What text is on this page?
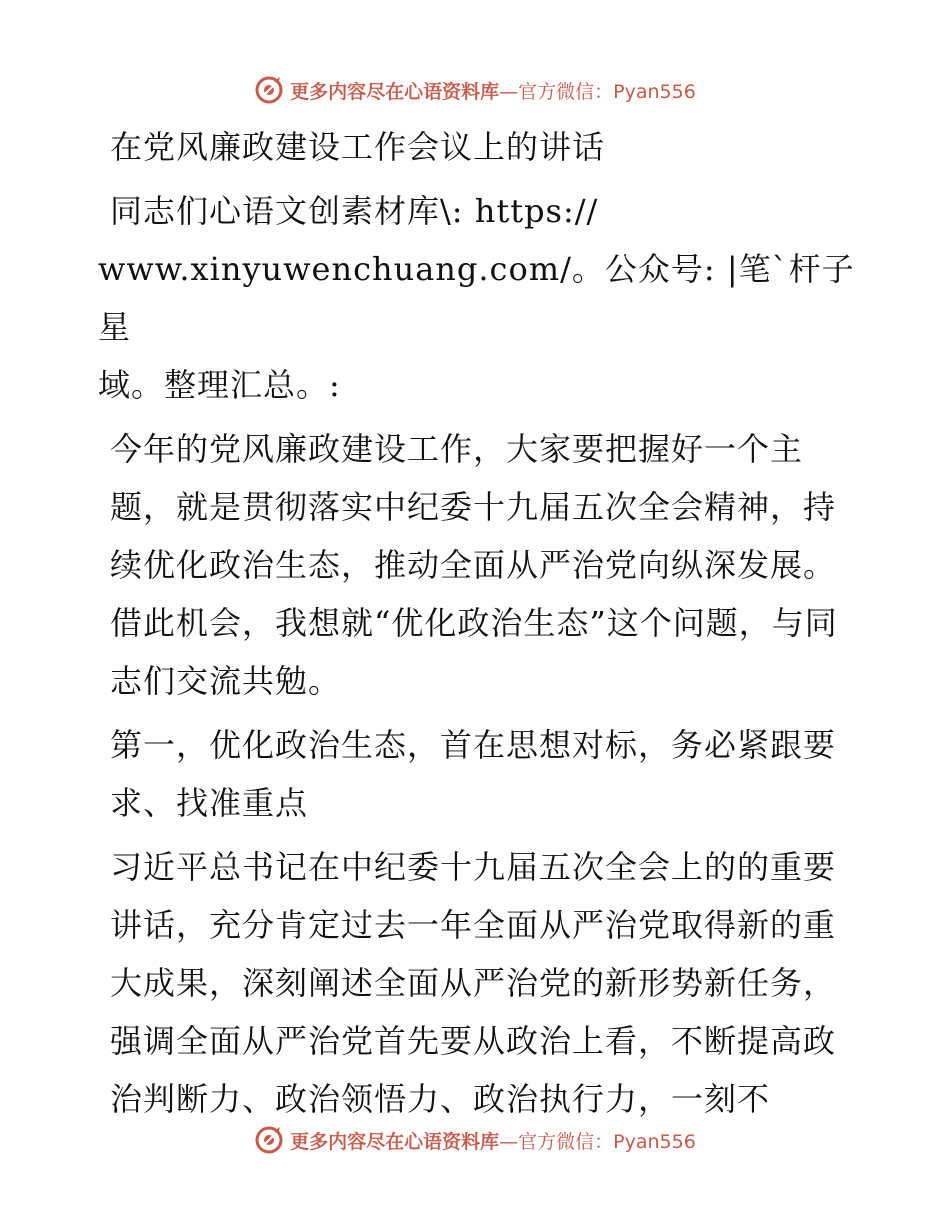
更多内容尽在心语资料库—官方微信：Pyan556

在党风廉政建设工作会议上的讲话

同志们心语文创素材库\: https://

www.xinyuwenchuang.com/。公众号: |笔`杆子星

域。整理汇总。:

今年的党风廉政建设工作，大家要把握好一个主题，就是贯彻落实中纪委十九届五次全会精神，持续优化政治生态，推动全面从严治党向纵深发展。借此机会，我想就“优化政治生态”这个问题，与同志们交流共勉。

第一，优化政治生态，首在思想对标，务必紧跟要求、找准重点

习近平总书记在中纪委十九届五次全会上的的重要讲话，充分肯定过去一年全面从严治党取得新的重大成果，深刻阐述全面从严治党的新形势新任务，强调全面从严治党首先要从政治上看，不断提高政治判断力、政治领悟力、政治执行力，一刻不

更多内容尽在心语资料库—官方微信：Pyan556
